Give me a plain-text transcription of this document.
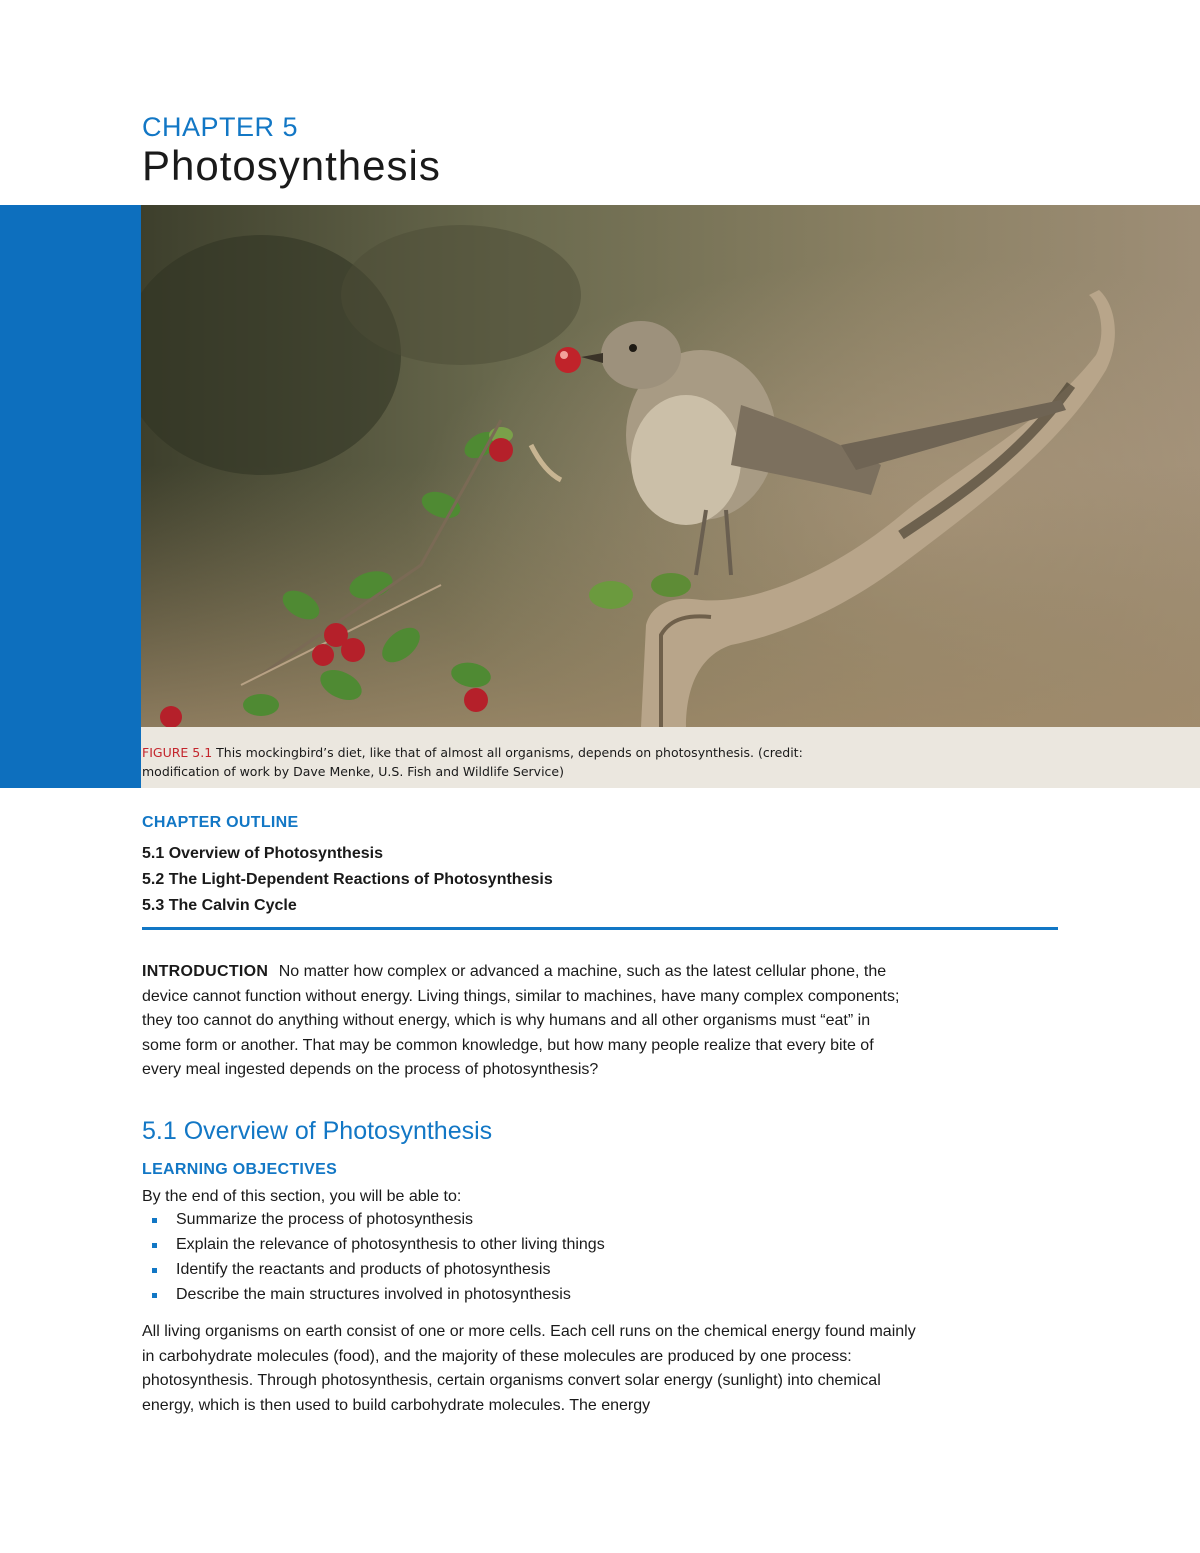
CHAPTER 5
Photosynthesis
FIGURE 5.1 This mockingbird’s diet, like that of almost all organisms, depends on photosynthesis. (credit: modification of work by Dave Menke, U.S. Fish and Wildlife Service)
CHAPTER OUTLINE
5.1 Overview of Photosynthesis
5.2 The Light-Dependent Reactions of Photosynthesis
5.3 The Calvin Cycle

INTRODUCTION No matter how complex or advanced a machine, such as the latest cellular phone, the device cannot function without energy. Living things, similar to machines, have many complex components; they too cannot do anything without energy, which is why humans and all other organisms must “eat” in some form or another. That may be common knowledge, but how many people realize that every bite of every meal ingested depends on the process of photosynthesis?

5.1 Overview of Photosynthesis
LEARNING OBJECTIVES
By the end of this section, you will be able to:
Summarize the process of photosynthesis
Explain the relevance of photosynthesis to other living things
Identify the reactants and products of photosynthesis
Describe the main structures involved in photosynthesis

All living organisms on earth consist of one or more cells. Each cell runs on the chemical energy found mainly in carbohydrate molecules (food), and the majority of these molecules are produced by one process: photosynthesis. Through photosynthesis, certain organisms convert solar energy (sunlight) into chemical energy, which is then used to build carbohydrate molecules. The energy
